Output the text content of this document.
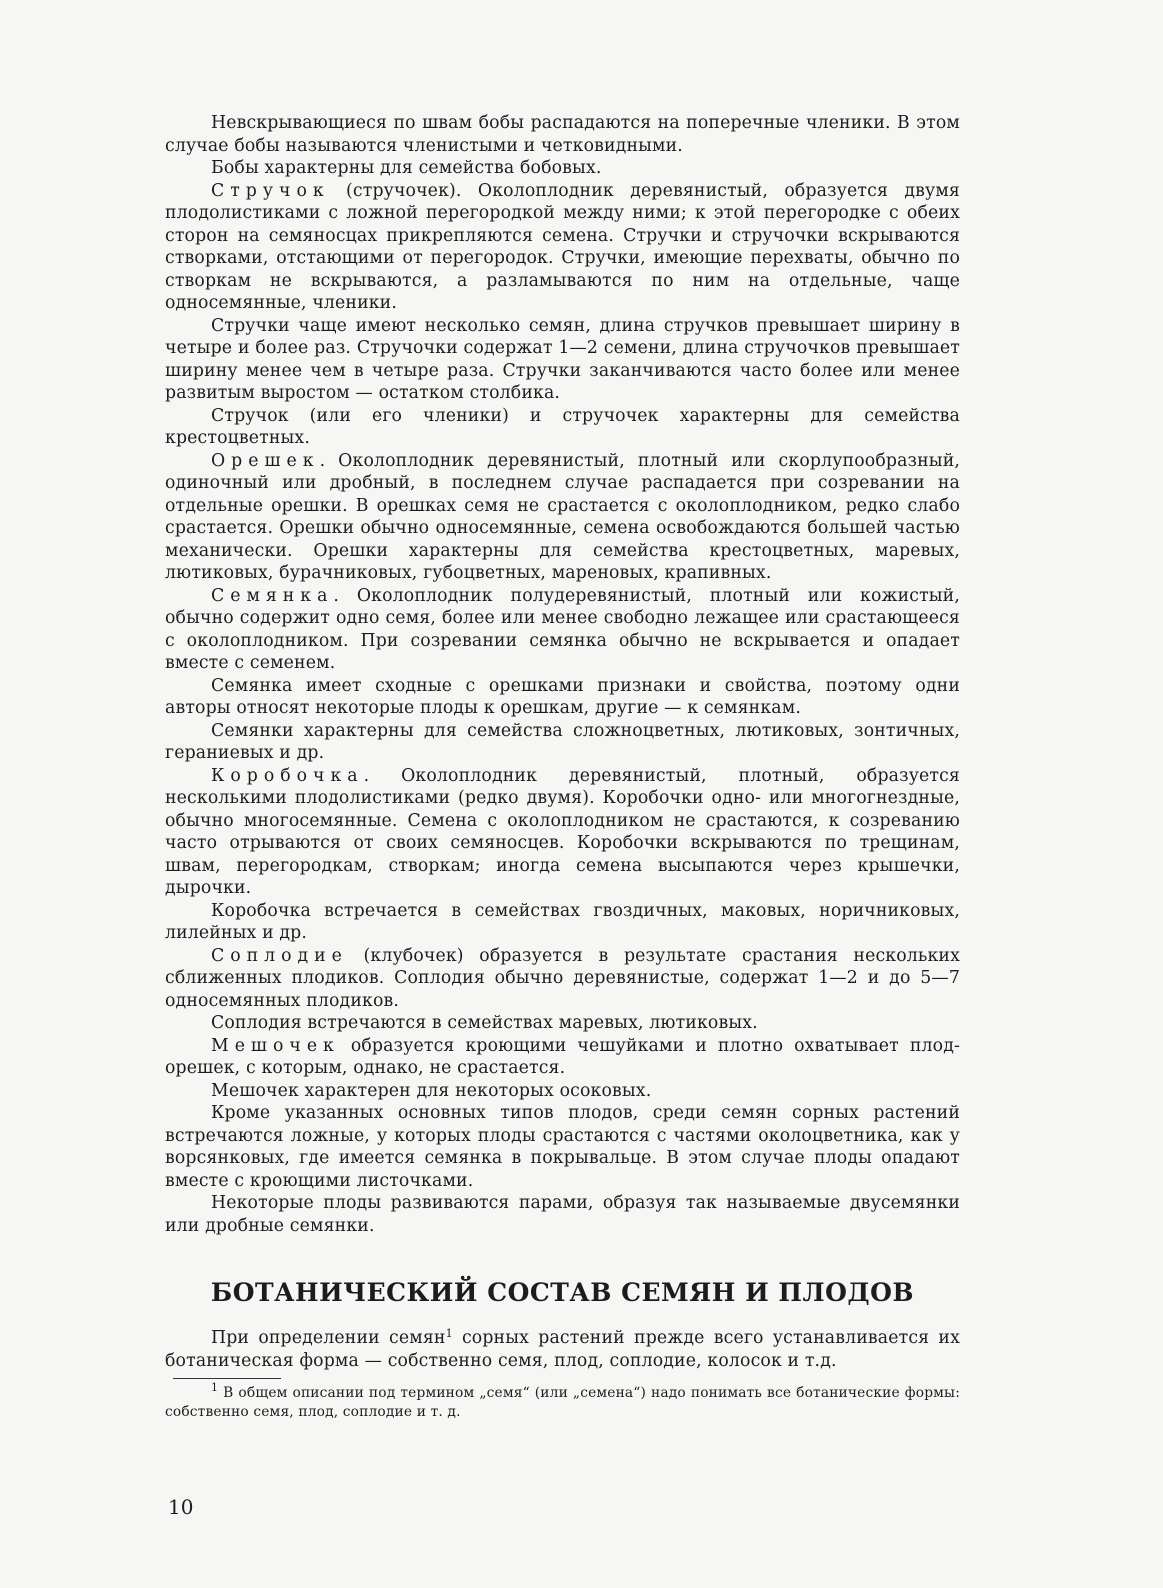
Невскрывающиеся по швам бобы распадаются на поперечные членики. В этом случае бобы называются членистыми и четковидными.

Бобы характерны для семейства бобовых.

Стручок (стручочек). Околоплодник деревянистый, образуется двумя плодолистиками с ложной перегородкой между ними; к этой перегородке с обеих сторон на семяносцах прикрепляются семена. Стручки и стручочки вскрываются створками, отстающими от перегородок. Стручки, имеющие перехваты, обычно по створкам не вскрываются, а разламываются по ним на отдельные, чаще односемянные, членики.

Стручки чаще имеют несколько семян, длина стручков превышает ширину в четыре и более раз. Стручочки содержат 1—2 семени, длина стручочков превышает ширину менее чем в четыре раза. Стручки заканчиваются часто более или менее развитым выростом — остатком столбика.

Стручок (или его членики) и стручочек характерны для семейства крестоцветных.

Орешек. Околоплодник деревянистый, плотный или скорлупообразный, одиночный или дробный, в последнем случае распадается при созревании на отдельные орешки. В орешках семя не срастается с околоплодником, редко слабо срастается. Орешки обычно односемянные, семена освобождаются большей частью механически. Орешки характерны для семейства крестоцветных, маревых, лютиковых, бурачниковых, губоцветных, мареновых, крапивных.

Семянка. Околоплодник полудеревянистый, плотный или кожистый, обычно содержит одно семя, более или менее свободно лежащее или срастающееся с околоплодником. При созревании семянка обычно не вскрывается и опадает вместе с семенем.

Семянка имеет сходные с орешками признаки и свойства, поэтому одни авторы относят некоторые плоды к орешкам, другие — к семянкам.

Семянки характерны для семейства сложноцветных, лютиковых, зонтичных, гераниевых и др.

Коробочка. Околоплодник деревянистый, плотный, образуется несколькими плодолистиками (редко двумя). Коробочки одно- или многогнездные, обычно многосемянные. Семена с околоплодником не срастаются, к созреванию часто отрываются от своих семяносцев. Коробочки вскрываются по трещинам, швам, перегородкам, створкам; иногда семена высыпаются через крышечки, дырочки.

Коробочка встречается в семействах гвоздичных, маковых, норичниковых, лилейных и др.

Соплодие (клубочек) образуется в результате срастания нескольких сближенных плодиков. Соплодия обычно деревянистые, содержат 1—2 и до 5—7 односемянных плодиков.

Соплодия встречаются в семействах маревых, лютиковых.

Мешочек образуется кроющими чешуйками и плотно охватывает плод-орешек, с которым, однако, не срастается.

Мешочек характерен для некоторых осоковых.

Кроме указанных основных типов плодов, среди семян сорных растений встречаются ложные, у которых плоды срастаются с частями околоцветника, как у ворсянковых, где имеется семянка в покрывальце. В этом случае плоды опадают вместе с кроющими листочками.

Некоторые плоды развиваются парами, образуя так называемые двусемянки или дробные семянки.

БОТАНИЧЕСКИЙ СОСТАВ СЕМЯН И ПЛОДОВ

При определении семян$^1$ сорных растений прежде всего устанавливается их ботаническая форма — собственно семя, плод, соплодие, колосок и т.д.

$^1$ В общем описании под термином „семя“ (или „семена“) надо понимать все ботанические формы: собственно семя, плод, соплодие и т. д.

10
